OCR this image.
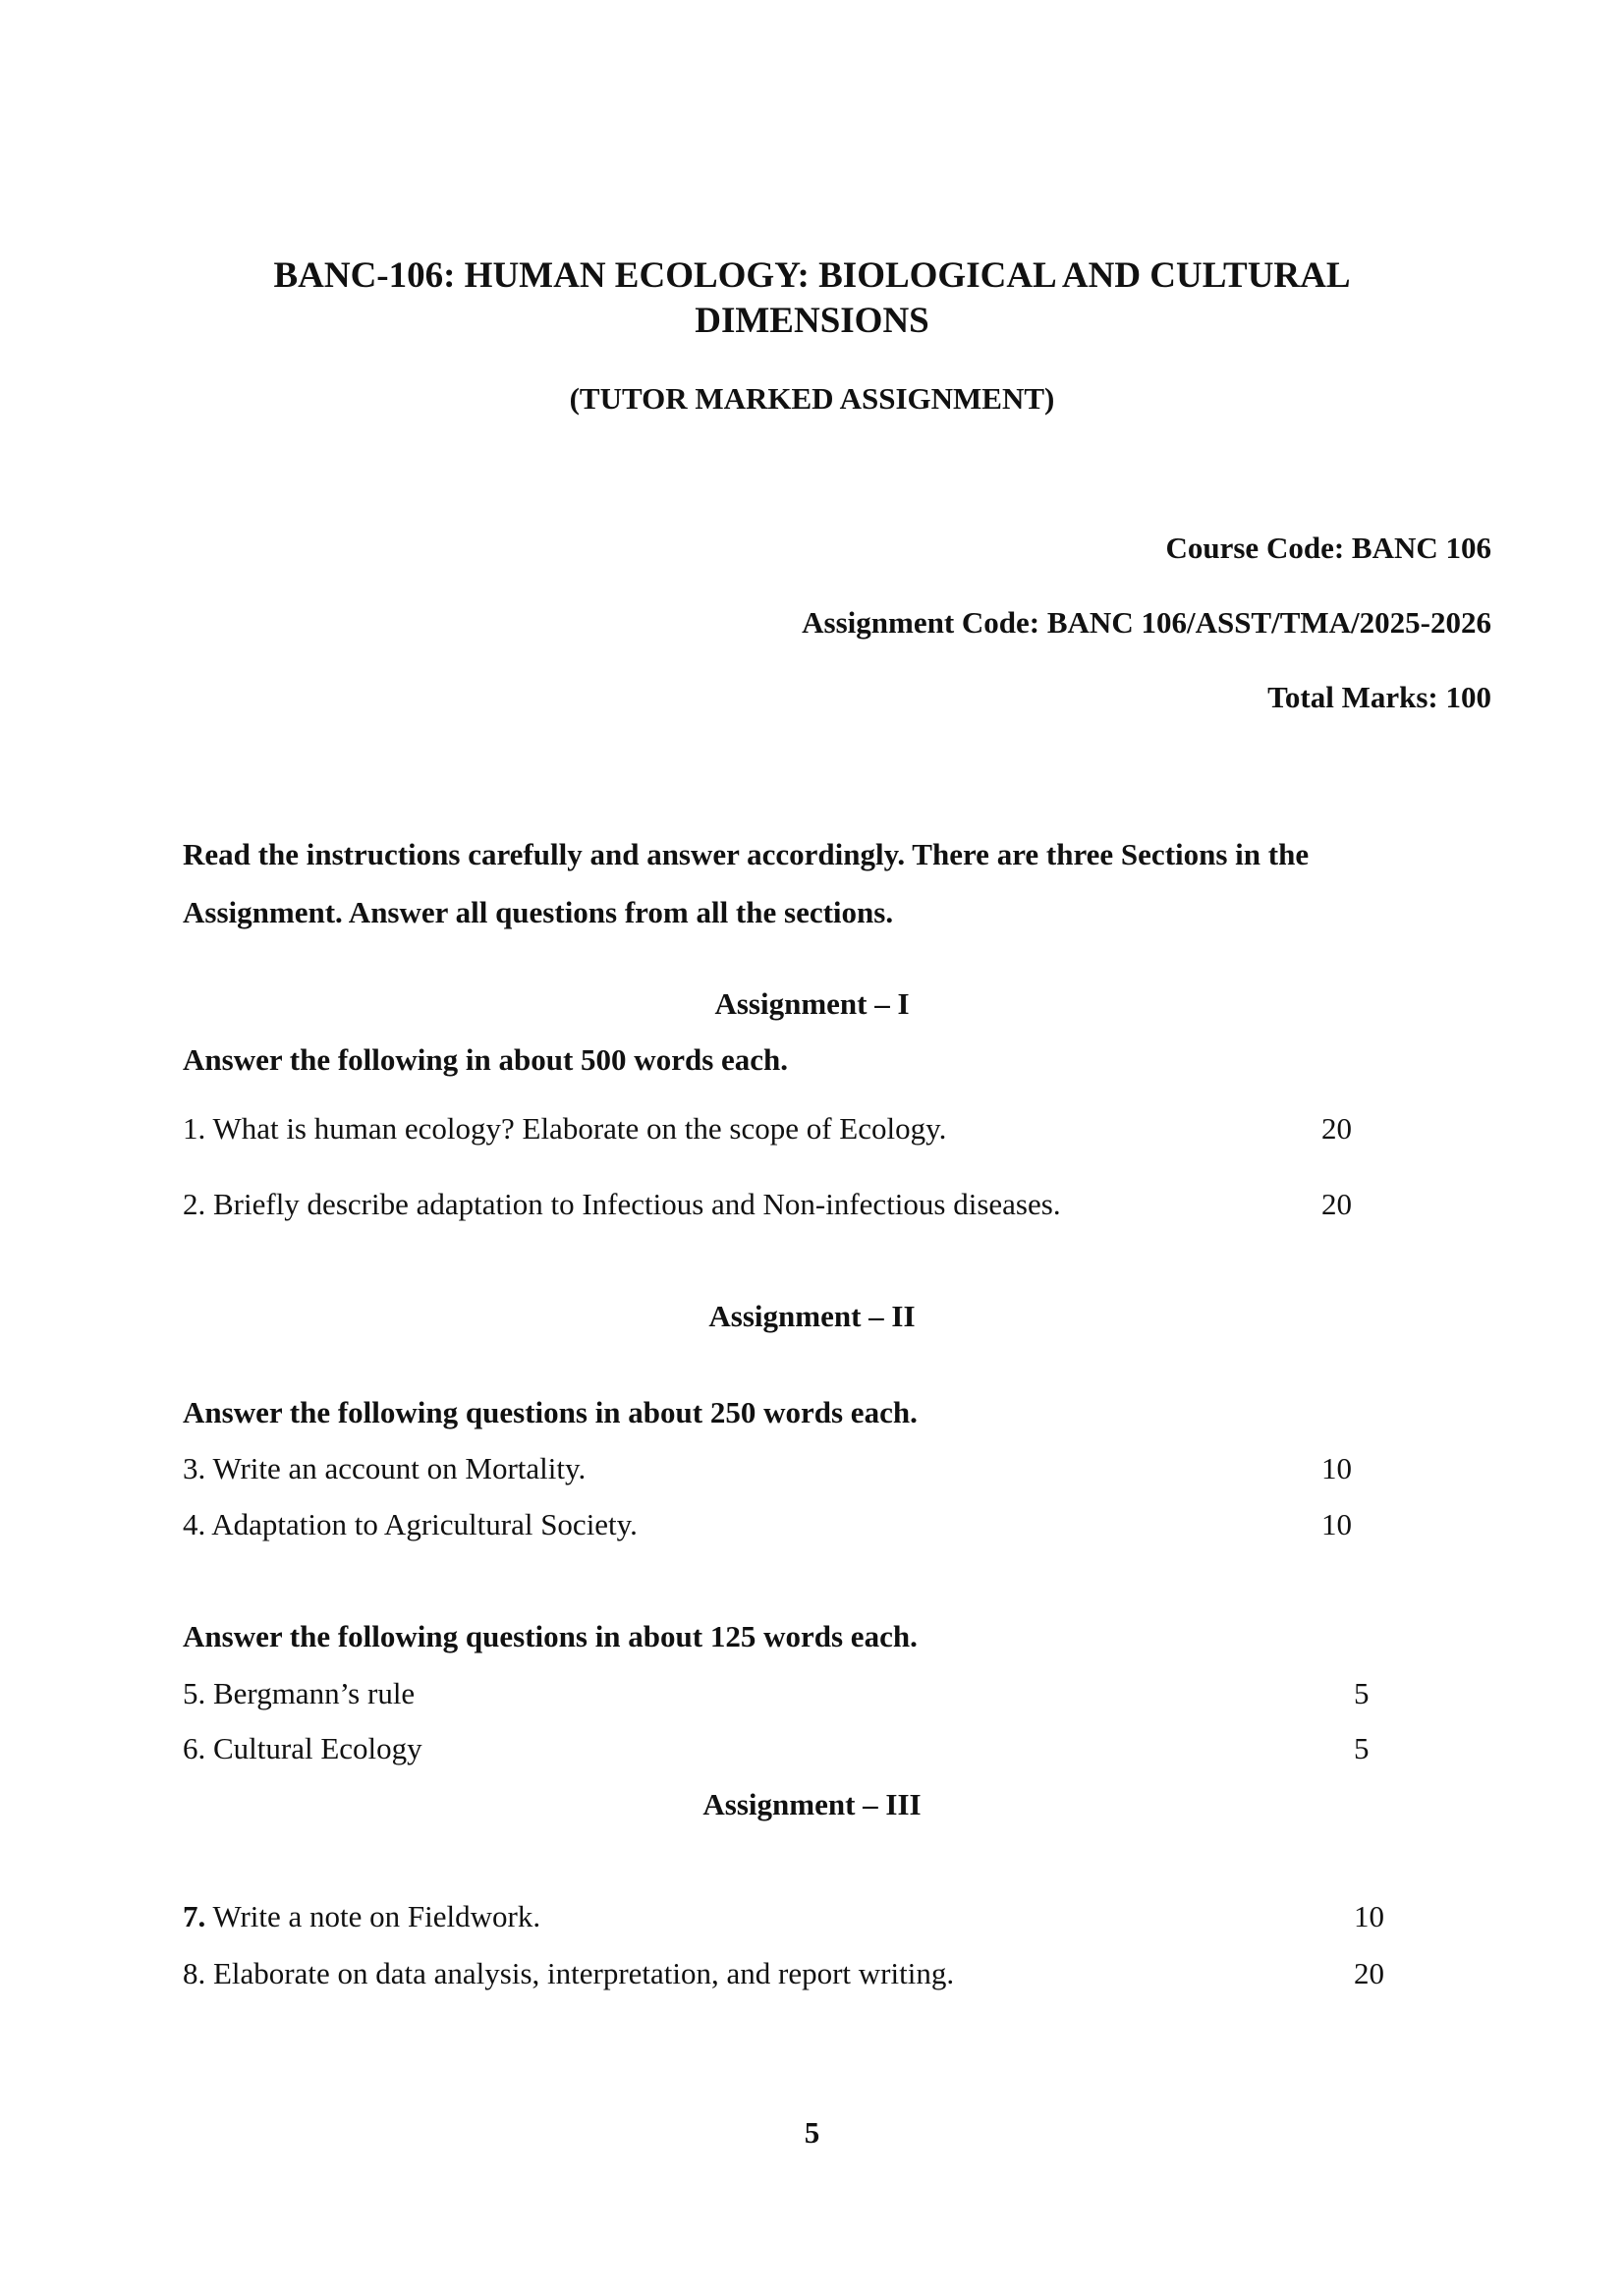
BANC-106: HUMAN ECOLOGY: BIOLOGICAL AND CULTURAL
DIMENSIONS
(TUTOR MARKED ASSIGNMENT)
Course Code: BANC 106
Assignment Code: BANC 106/ASST/TMA/2025-2026
Total Marks: 100
Read the instructions carefully and answer accordingly. There are three Sections in the Assignment. Answer all questions from all the sections.
Assignment – I
Answer the following in about 500 words each.
1. What is human ecology? Elaborate on the scope of Ecology.	20
2. Briefly describe adaptation to Infectious and Non-infectious diseases.	20
Assignment – II
Answer the following questions in about 250 words each.
3. Write an account on Mortality.	10
4. Adaptation to Agricultural Society.	10
Answer the following questions in about 125 words each.
5. Bergmann’s rule	5
6. Cultural Ecology	5
Assignment – III
7. Write a note on Fieldwork.	10
8. Elaborate on data analysis, interpretation, and report writing.	20
5
